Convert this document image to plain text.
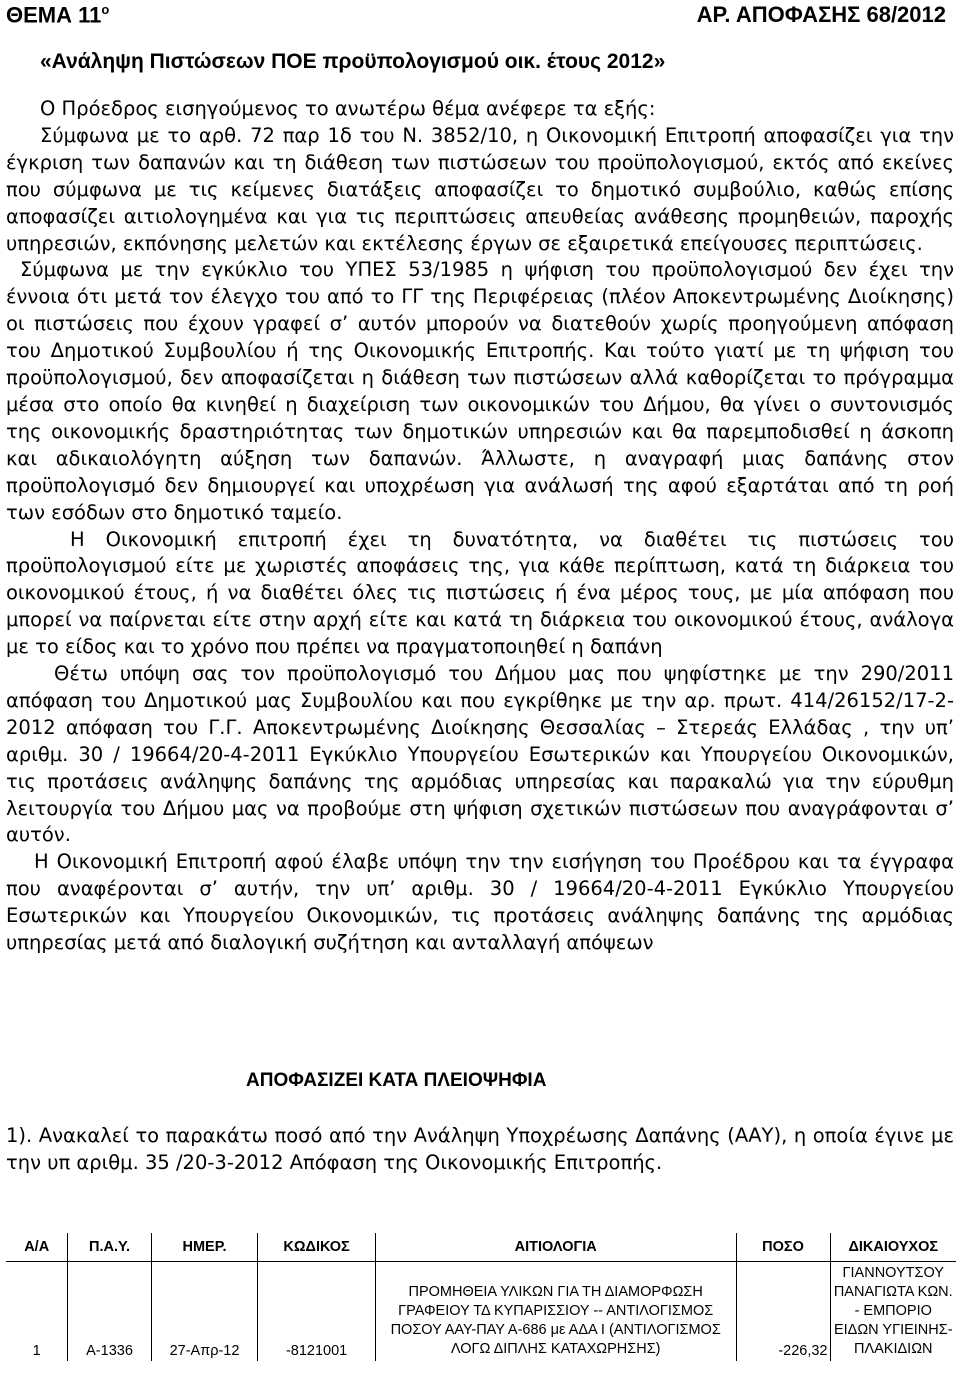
ΘΕΜΑ $11^o$	ΑΡ. ΑΠΟΦΑΣΗΣ 68/2012
«Ανάληψη Πιστώσεων ΠΟΕ προϋπολογισμού οικ. έτους 2012»

Ο Πρόεδρος εισηγούμενος το ανωτέρω θέμα ανέφερε τα εξής:

Σύμφωνα με το αρθ. 72 παρ 1δ του Ν. 3852/10, η Οικονομική Επιτροπή αποφασίζει για την έγκριση των δαπανών και τη διάθεση των πιστώσεων του προϋπολογισμού, εκτός από εκείνες που σύμφωνα με τις κείμενες διατάξεις αποφασίζει το δημοτικό συμβούλιο, καθώς επίσης αποφασίζει αιτιολογημένα και για τις περιπτώσεις απευθείας ανάθεσης προμηθειών, παροχής υπηρεσιών, εκπόνησης μελετών και εκτέλεσης έργων σε εξαιρετικά επείγουσες περιπτώσεις.

Σύμφωνα με την εγκύκλιο του ΥΠΕΣ 53/1985 η ψήφιση του προϋπολογισμού δεν έχει την έννοια ότι μετά τον έλεγχο του από το ΓΓ της Περιφέρειας (πλέον Αποκεντρωμένης Διοίκησης) οι πιστώσεις που έχουν γραφεί σ’ αυτόν μπορούν να διατεθούν χωρίς προηγούμενη απόφαση του Δημοτικού Συμβουλίου ή της Οικονομικής Επιτροπής. Και τούτο γιατί με τη ψήφιση του προϋπολογισμού, δεν αποφασίζεται η διάθεση των πιστώσεων αλλά καθορίζεται το πρόγραμμα μέσα στο οποίο θα κινηθεί η διαχείριση των οικονομικών του Δήμου, θα γίνει ο συντονισμός της οικονομικής δραστηριότητας των δημοτικών υπηρεσιών και θα παρεμποδισθεί η άσκοπη και αδικαιολόγητη αύξηση των δαπανών. Άλλωστε, η αναγραφή μιας δαπάνης στον προϋπολογισμό δεν δημιουργεί και υποχρέωση για ανάλωσή της αφού εξαρτάται από τη ροή των εσόδων στο δημοτικό ταμείο.

Η Οικονομική επιτροπή έχει τη δυνατότητα, να διαθέτει τις πιστώσεις του προϋπολογισμού είτε με χωριστές αποφάσεις της, για κάθε περίπτωση, κατά τη διάρκεια του οικονομικού έτους, ή να διαθέτει όλες τις πιστώσεις ή ένα μέρος τους, με μία απόφαση που μπορεί να παίρνεται είτε στην αρχή είτε και κατά τη διάρκεια του οικονομικού έτους, ανάλογα με το είδος και το χρόνο που πρέπει να πραγματοποιηθεί η δαπάνη

Θέτω υπόψη σας τον προϋπολογισμό του Δήμου μας που ψηφίστηκε με την 290/2011 απόφαση του Δημοτικού μας Συμβουλίου και που εγκρίθηκε με την αρ. πρωτ. 414/26152/17-2-2012 απόφαση του Γ.Γ. Αποκεντρωμένης Διοίκησης Θεσσαλίας – Στερεάς Ελλάδας , την υπ’ αριθμ. 30 / 19664/20-4-2011 Εγκύκλιο Υπουργείου Εσωτερικών και Υπουργείου Οικονομικών, τις προτάσεις ανάληψης δαπάνης της αρμόδιας υπηρεσίας και παρακαλώ για την εύρυθμη λειτουργία του Δήμου μας να προβούμε στη ψήφιση σχετικών πιστώσεων που αναγράφονται σ’ αυτόν.

Η Οικονομική Επιτροπή αφού έλαβε υπόψη την την εισήγηση του Προέδρου και τα έγγραφα που αναφέρονται σ’ αυτήν, την υπ’ αριθμ. 30 / 19664/20-4-2011 Εγκύκλιο Υπουργείου Εσωτερικών και Υπουργείου Οικονομικών, τις προτάσεις ανάληψης δαπάνης της αρμόδιας υπηρεσίας μετά από διαλογική συζήτηση και ανταλλαγή απόψεων

ΑΠΟΦΑΣΙΖΕΙ ΚΑΤΑ ΠΛΕΙΟΨΗΦΙΑ

1). Ανακαλεί το παρακάτω ποσό από την Ανάληψη Υποχρέωσης Δαπάνης (ΑΑΥ), η οποία έγινε με την υπ αριθμ. 35 /20-3-2012 Απόφαση της Οικονομικής Επιτροπής.

Α/Α	Π.Α.Υ.	ΗΜΕΡ.	ΚΩΔΙΚΟΣ	ΑΙΤΙΟΛΟΓΙΑ	ΠΟΣΟ	ΔΙΚΑΙΟΥΧΟΣ
1	Α-1336	27-Απρ-12	-8121001	ΠΡΟΜΗΘΕΙΑ ΥΛΙΚΩΝ ΓΙΑ ΤΗ ΔΙΑΜΟΡΦΩΣΗ ΓΡΑΦΕΙΟΥ ΤΔ ΚΥΠΑΡΙΣΣΙΟΥ -- ΑΝΤΙΛΟΓΙΣΜΟΣ ΠΟΣΟΥ ΑΑΥ-ΠΑΥ Α-686 με ΑΔΑ Ι (ΑΝΤΙΛΟΓΙΣΜΟΣ ΛΟΓΩ ΔΙΠΛΗΣ ΚΑΤΑΧΩΡΗΣΗΣ)	-226,32	ΓΙΑΝΝΟΥΤΣΟΥ ΠΑΝΑΓΙΩΤΑ ΚΩΝ. - ΕΜΠΟΡΙΟ ΕΙΔΩΝ ΥΓΙΕΙΝΗΣ-ΠΛΑΚΙΔΙΩΝ
